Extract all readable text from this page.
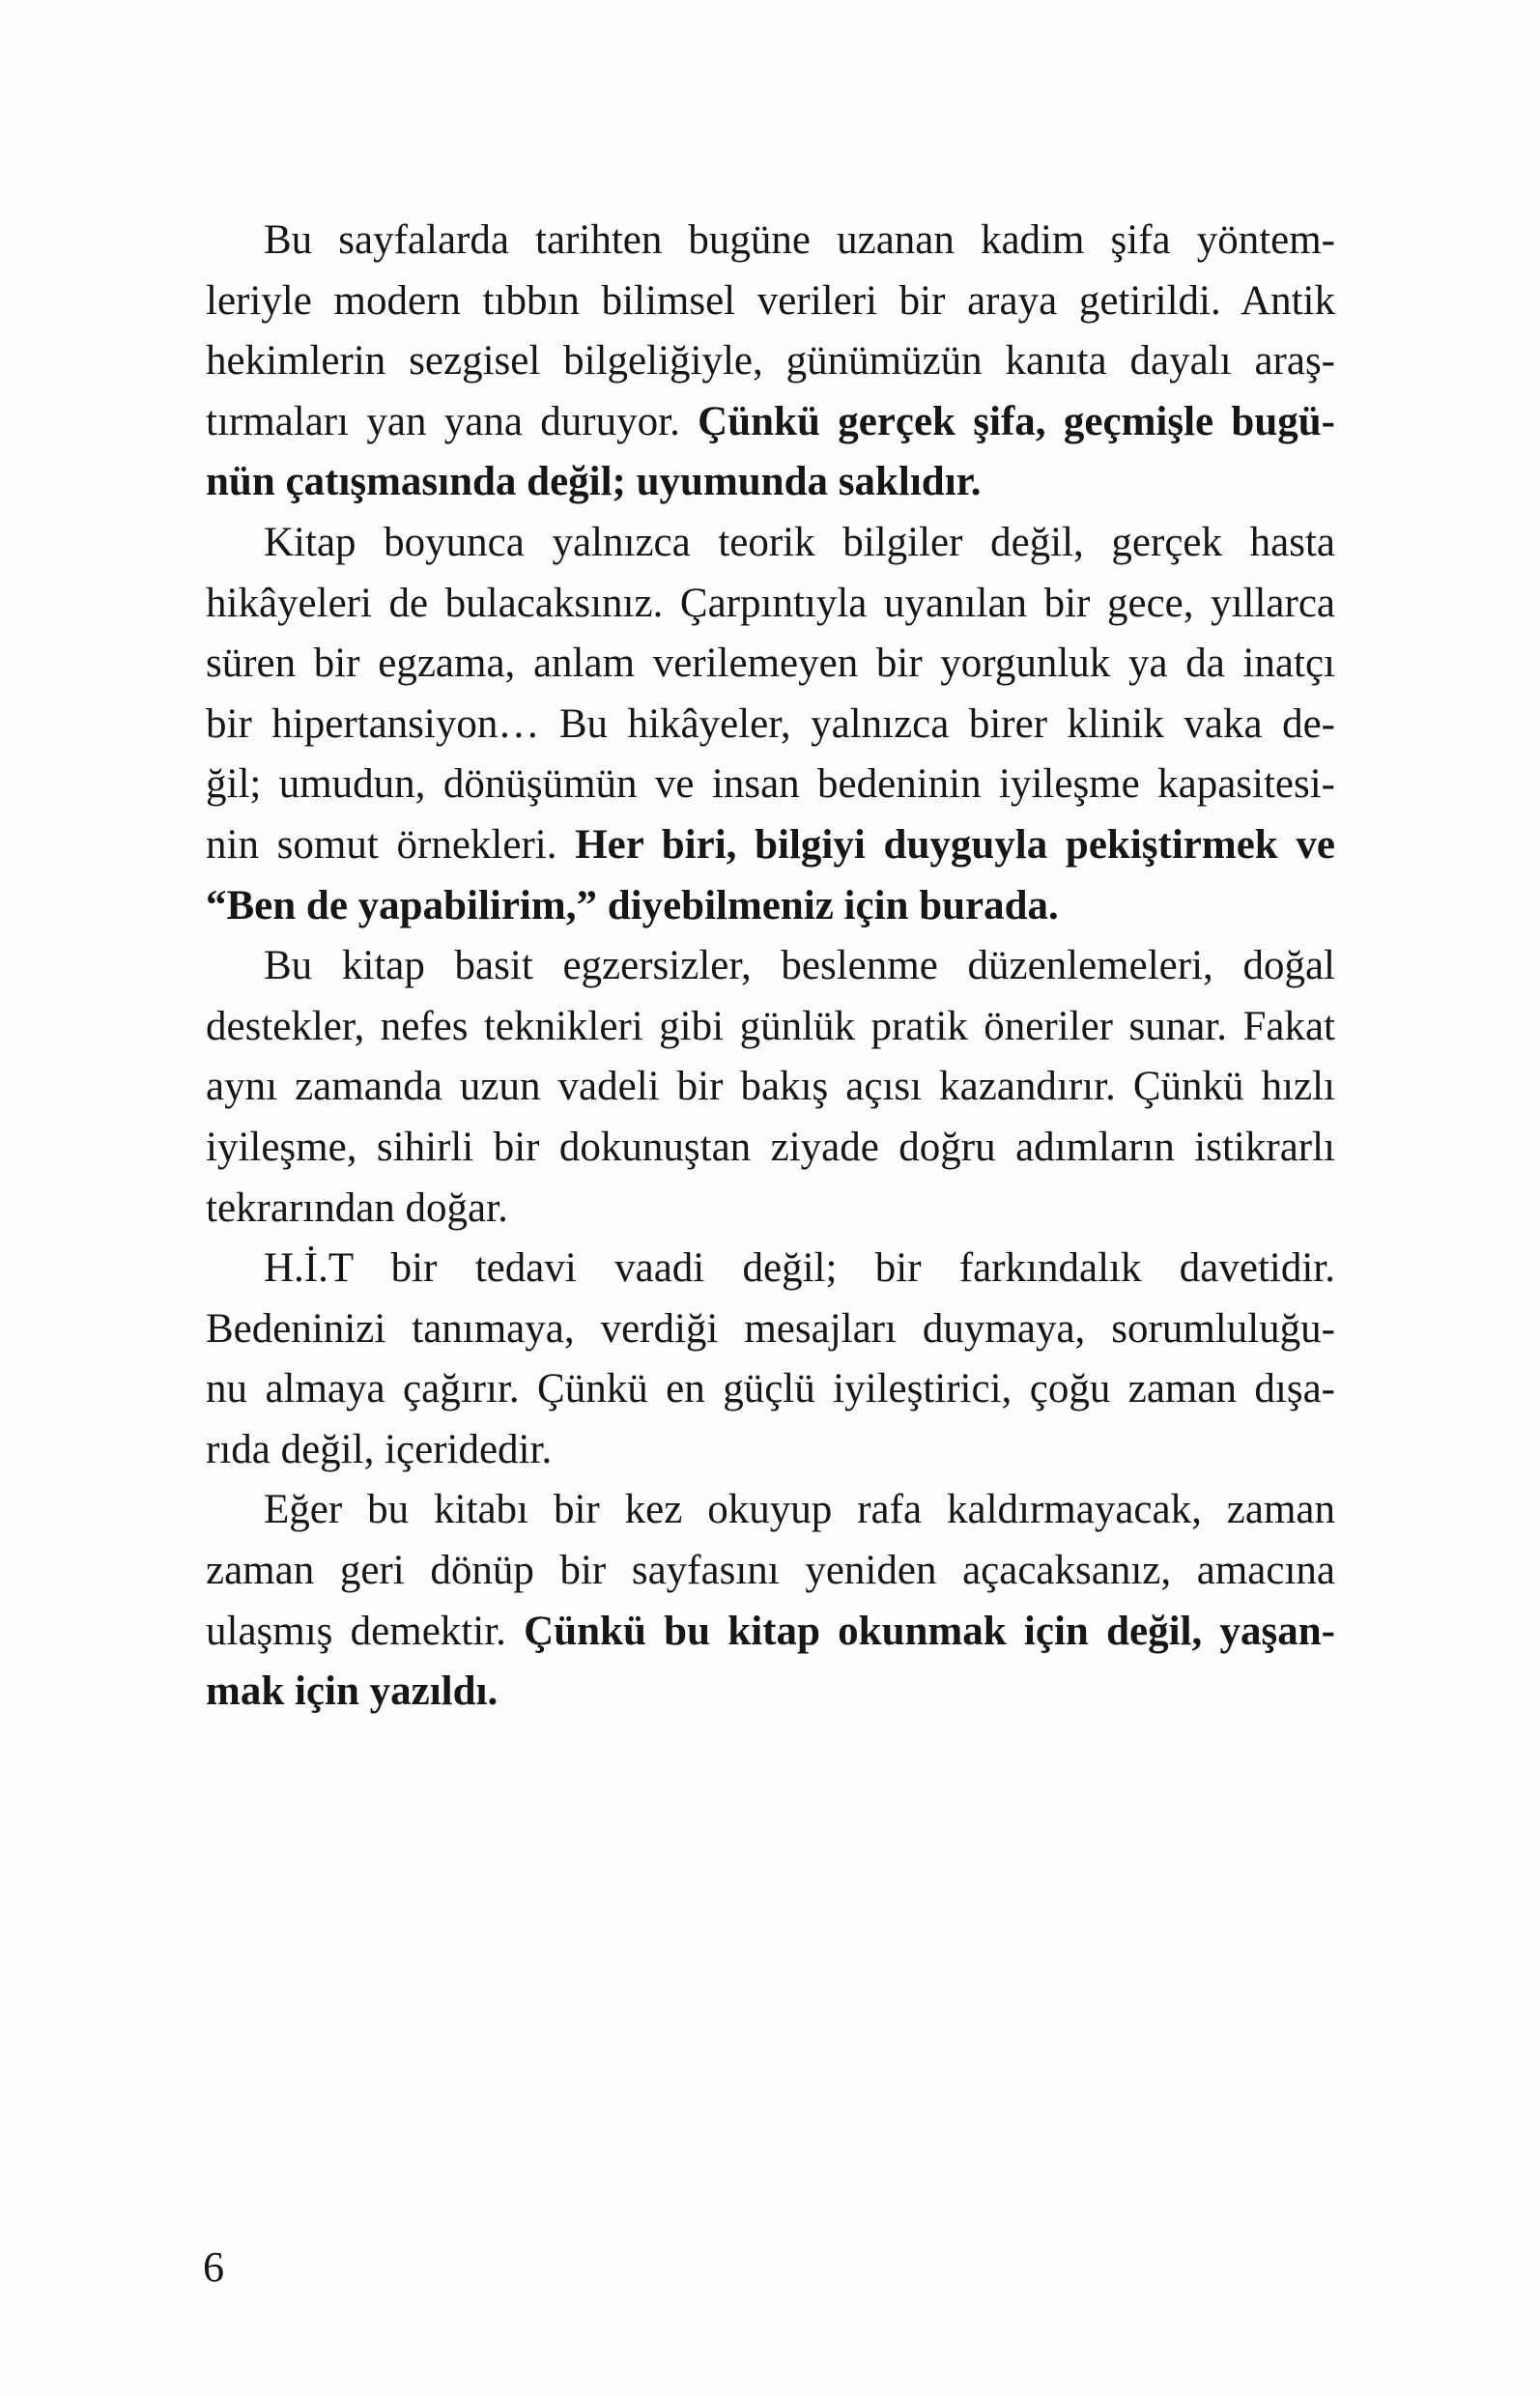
Bu sayfalarda tarihten bugüne uzanan kadim şifa yöntem-
leriyle modern tıbbın bilimsel verileri bir araya getirildi. Antik
hekimlerin sezgisel bilgeliğiyle, günümüzün kanıta dayalı araş-
tırmaları yan yana duruyor. Çünkü gerçek şifa, geçmişle bugü-
nün çatışmasında değil; uyumunda saklıdır.
Kitap boyunca yalnızca teorik bilgiler değil, gerçek hasta
hikâyeleri de bulacaksınız. Çarpıntıyla uyanılan bir gece, yıllarca
süren bir egzama, anlam verilemeyen bir yorgunluk ya da inatçı
bir hipertansiyon… Bu hikâyeler, yalnızca birer klinik vaka de-
ğil; umudun, dönüşümün ve insan bedeninin iyileşme kapasitesi-
nin somut örnekleri. Her biri, bilgiyi duyguyla pekiştirmek ve
“Ben de yapabilirim,” diyebilmeniz için burada.
Bu kitap basit egzersizler, beslenme düzenlemeleri, doğal
destekler, nefes teknikleri gibi günlük pratik öneriler sunar. Fakat
aynı zamanda uzun vadeli bir bakış açısı kazandırır. Çünkü hızlı
iyileşme, sihirli bir dokunuştan ziyade doğru adımların istikrarlı
tekrarından doğar.
H.İ.T bir tedavi vaadi değil; bir farkındalık davetidir.
Bedeninizi tanımaya, verdiği mesajları duymaya, sorumluluğu-
nu almaya çağırır. Çünkü en güçlü iyileştirici, çoğu zaman dışa-
rıda değil, içeridedir.
Eğer bu kitabı bir kez okuyup rafa kaldırmayacak, zaman
zaman geri dönüp bir sayfasını yeniden açacaksanız, amacına
ulaşmış demektir. Çünkü bu kitap okunmak için değil, yaşan-
mak için yazıldı.
6
